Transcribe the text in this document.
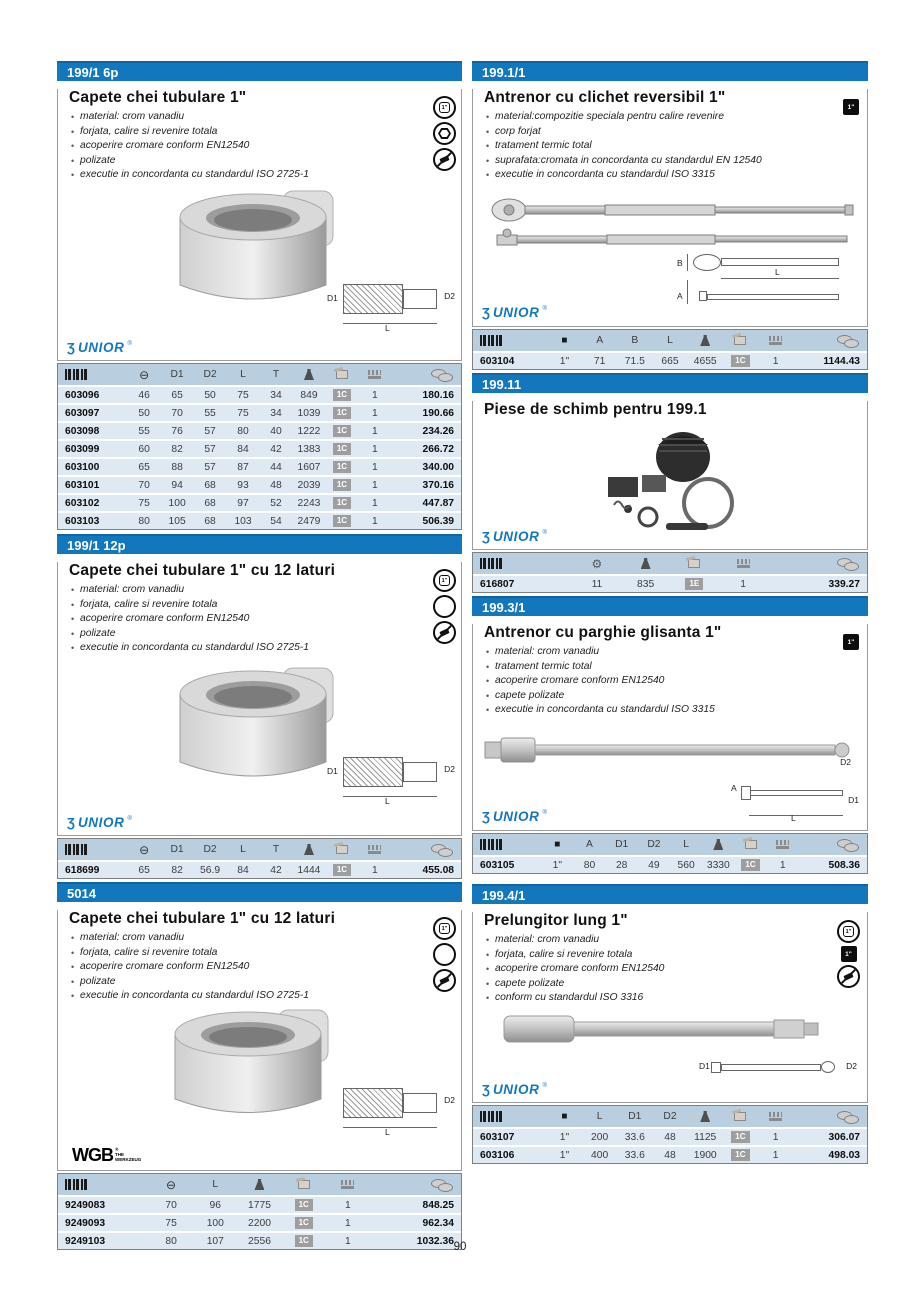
199/1 6p
Capete chei tubulare 1"
• material: crom vanadiu
• forjata, calire si revenire totala
• acoperire cromare conform EN12540
• polizate
• executie in concordanta cu standardul ISO 2725-1
1"
D1	D2
L
Ʒ UNIOR ®
⊖	D1	D2	L	T
603096	46	65	50	75	34	849	1C	1	180.16
603097	50	70	55	75	34	1039	1C	1	190.66
603098	55	76	57	80	40	1222	1C	1	234.26
603099	60	82	57	84	42	1383	1C	1	266.72
603100	65	88	57	87	44	1607	1C	1	340.00
603101	70	94	68	93	48	2039	1C	1	370.16
603102	75	100	68	97	52	2243	1C	1	447.87
603103	80	105	68	103	54	2479	1C	1	506.39
199/1 12p
Capete chei tubulare 1" cu 12 laturi
• material: crom vanadiu
• forjata, calire si revenire totala
• acoperire cromare conform EN12540
• polizate
• executie in concordanta cu standardul ISO 2725-1
1"
D1	D2
L
Ʒ UNIOR ®
⊖	D1	D2	L	T
618699	65	82	56.9	84	42	1444	1C	1	455.08
5014
Capete chei tubulare 1" cu 12 laturi
• material: crom vanadiu
• forjata, calire si revenire totala
• acoperire cromare conform EN12540
• polizate
• executie in concordanta cu standardul ISO 2725-1
1"
D2
L
WGB ®
THE
WERKZEUG
⊖	L
9249083	70	96	1775	1C	1	848.25
9249093	75	100	2200	1C	1	962.34
9249103	80	107	2556	1C	1	1032.36
199.1/1
Antrenor cu clichet reversibil 1"
• material:compozitie speciala pentru calire revenire
• corp forjat
• tratament termic total
• suprafata:cromata in concordanta cu standardul EN 12540
• executie in concordanta cu standardul ISO 3315
1"
B
L
A
Ʒ UNIOR ®
■	A	B	L
603104	1"	71	71.5	665	4655	1C	1	1144.43
199.11
Piese de schimb pentru 199.1
Ʒ UNIOR ®
⚙
616807	11	835	1E	1	339.27
199.3/1
Antrenor cu parghie glisanta 1"
• material: crom vanadiu
• tratament termic total
• acoperire cromare conform EN12540
• capete polizate
• executie in concordanta cu standardul ISO 3315
1"
D2
A
D1
L
Ʒ UNIOR ®
■	A	D1	D2	L
603105	1"	80	28	49	560	3330	1C	1	508.36
199.4/1
Prelungitor lung 1"
• material: crom vanadiu
• forjata, calire si revenire totala
• acoperire cromare conform EN12540
• capete polizate
• conform cu standardul ISO 3316
1"
1"
D1	D2
Ʒ UNIOR ®
■	L	D1	D2
603107	1"	200	33.6	48	1125	1C	1	306.07
603106	1"	400	33.6	48	1900	1C	1	498.03
90
